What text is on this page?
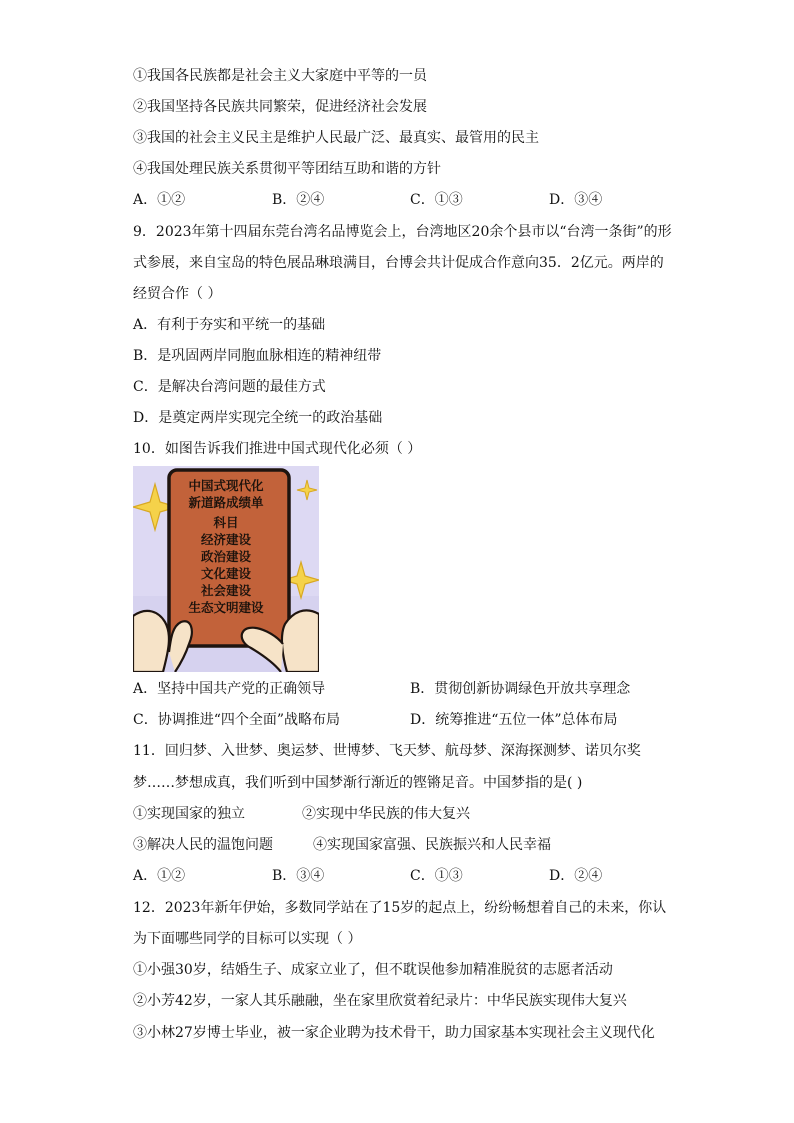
①我国各民族都是社会主义大家庭中平等的一员
②我国坚持各民族共同繁荣，促进经济社会发展
③我国的社会主义民主是维护人民最广泛、最真实、最管用的民主
④我国处理民族关系贯彻平等团结互助和谐的方针
A．①②	B．②④	C．①③	D．③④
9．2023年第十四届东莞台湾名品博览会上，台湾地区20余个县市以“台湾一条街”的形
式参展，来自宝岛的特色展品琳琅满目，台博会共计促成合作意向35．2亿元。两岸的
经贸合作（ ）
A．有利于夯实和平统一的基础
B．是巩固两岸同胞血脉相连的精神纽带
C．是解决台湾问题的最佳方式
D．是奠定两岸实现完全统一的政治基础
10．如图告诉我们推进中国式现代化必须（ ）
中国式现代化
新道路成绩单
科目
经济建设
政治建设
文化建设
社会建设
生态文明建设
A．坚持中国共产党的正确领导	B．贯彻创新协调绿色开放共享理念
C．协调推进“四个全面”战略布局	D．统筹推进“五位一体”总体布局
11．回归梦、入世梦、奥运梦、世博梦、飞天梦、航母梦、深海探测梦、诺贝尔奖
梦……梦想成真，我们听到中国梦渐行渐近的铿锵足音。中国梦指的是( )
①实现国家的独立	②实现中华民族的伟大复兴
③解决人民的温饱问题	④实现国家富强、民族振兴和人民幸福
A．①②	B．③④	C．①③	D．②④
12．2023年新年伊始，多数同学站在了15岁的起点上，纷纷畅想着自己的未来，你认
为下面哪些同学的目标可以实现（ ）
①小强30岁，结婚生子、成家立业了，但不耽误他参加精准脱贫的志愿者活动
②小芳42岁，一家人其乐融融，坐在家里欣赏着纪录片：中华民族实现伟大复兴
③小林27岁博士毕业，被一家企业聘为技术骨干，助力国家基本实现社会主义现代化
